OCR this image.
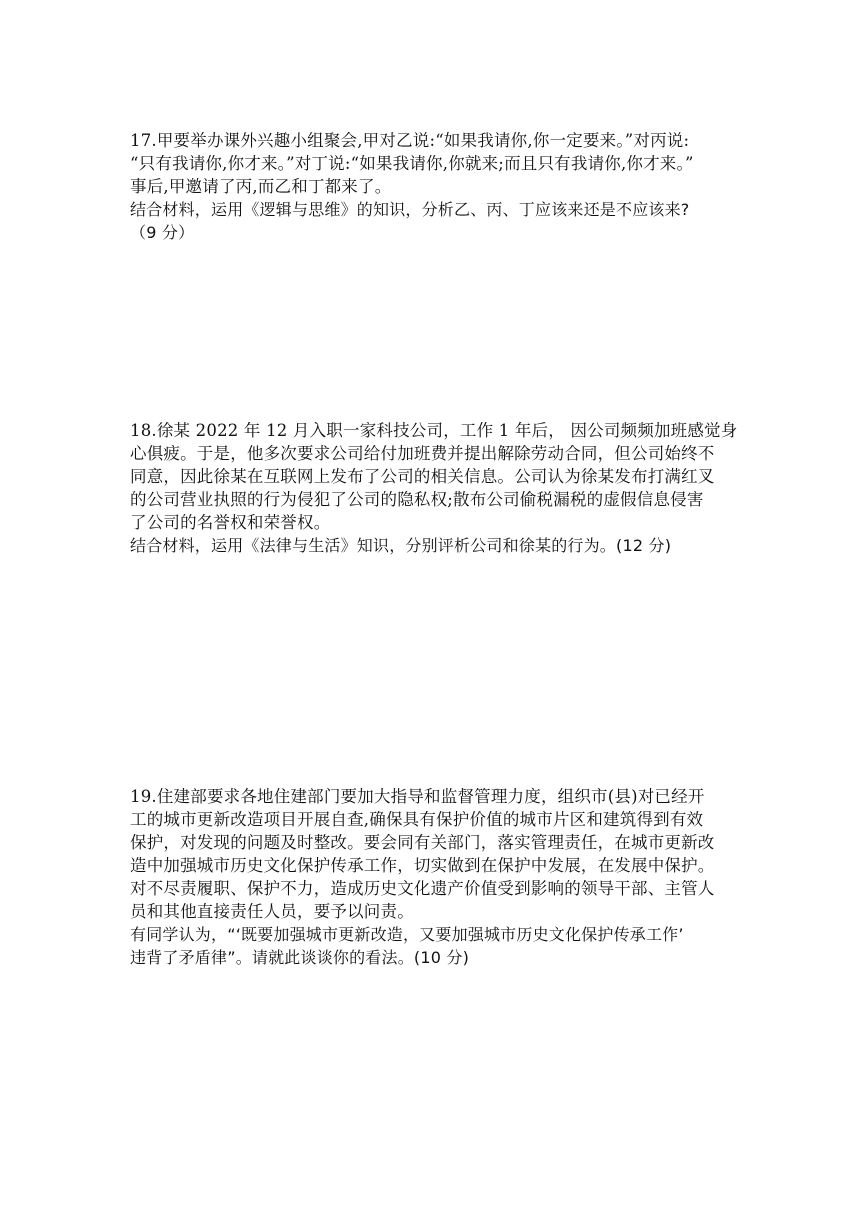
17.甲要举办课外兴趣小组聚会,甲对乙说:“如果我请你,你一定要来。”对丙说:
“只有我请你,你才来。”对丁说:“如果我请你,你就来;而且只有我请你,你才来。”
事后,甲邀请了丙,而乙和丁都来了。
结合材料，运用《逻辑与思维》的知识，分析乙、丙、丁应该来还是不应该来?
（9 分）
18.徐某 2022 年 12 月入职一家科技公司，工作 1 年后， 因公司频频加班感觉身
心俱疲。于是，他多次要求公司给付加班费并提出解除劳动合同，但公司始终不
同意，因此徐某在互联网上发布了公司的相关信息。公司认为徐某发布打满红叉
的公司营业执照的行为侵犯了公司的隐私权;散布公司偷税漏税的虚假信息侵害
了公司的名誉权和荣誉权。
结合材料，运用《法律与生活》知识，分别评析公司和徐某的行为。(12 分)
19.住建部要求各地住建部门要加大指导和监督管理力度，组织市(县)对已经开
工的城市更新改造项目开展自查,确保具有保护价值的城市片区和建筑得到有效
保护，对发现的问题及时整改。要会同有关部门，落实管理责任，在城市更新改
造中加强城市历史文化保护传承工作，切实做到在保护中发展，在发展中保护。
对不尽责履职、保护不力，造成历史文化遗产价值受到影响的领导干部、主管人
员和其他直接责任人员，要予以问责。
有同学认为，“‘既要加强城市更新改造，又要加强城市历史文化保护传承工作’
违背了矛盾律”。请就此谈谈你的看法。(10 分)
